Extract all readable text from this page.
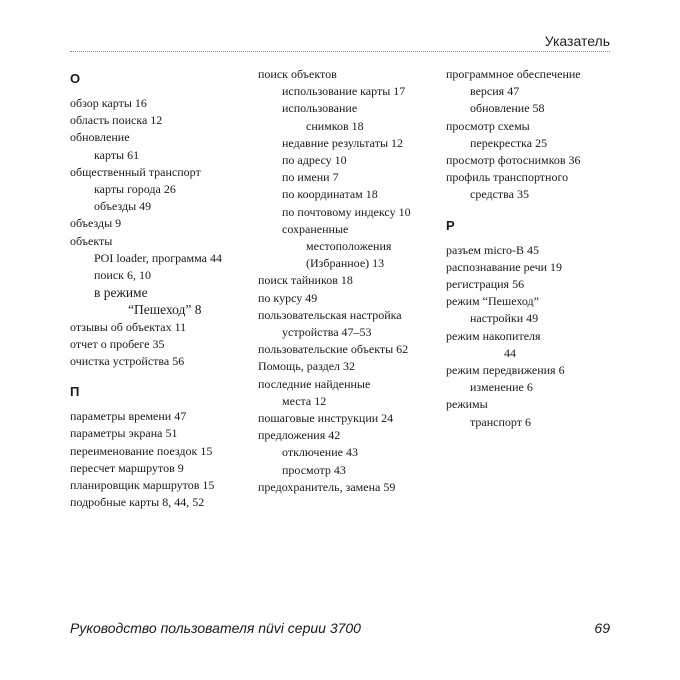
Указатель
О
обзор карты 16
область поиска 12
обновление
карты 61
общественный транспорт
карты города 26
объезды 49
объезды 9
объекты
POI loader, программа 44
поиск 6, 10
в режиме
“Пешеход” 8
отзывы об объектах 11
отчет о пробеге 35
очистка устройства 56
П
параметры времени 47
параметры экрана 51
переименование поездок 15
пересчет маршрутов 9
планировщик маршрутов 15
подробные карты 8, 44, 52
поиск объектов
использование карты 17
использование
снимков 18
недавние результаты 12
по адресу 10
по имени 7
по координатам 18
по почтовому индексу 10
сохраненные
местоположения
(Избранное) 13
поиск тайников 18
по курсу 49
пользовательская настройка
устройства 47–53
пользовательские объекты 62
Помощь, раздел 32
последние найденные
места 12
пошаговые инструкции 24
предложения 42
отключение 43
просмотр 43
предохранитель, замена 59
программное обеспечение
версия 47
обновление 58
просмотр схемы
перекрестка 25
просмотр фотоснимков 36
профиль транспортного
средства 35
Р
разъем micro-B 45
распознавание речи 19
регистрация 56
режим “Пешеход”
настройки 49
режим накопителя
44
режим передвижения 6
изменение 6
режимы
транспорт 6
Руководство пользователя nüvi серии 3700	69
